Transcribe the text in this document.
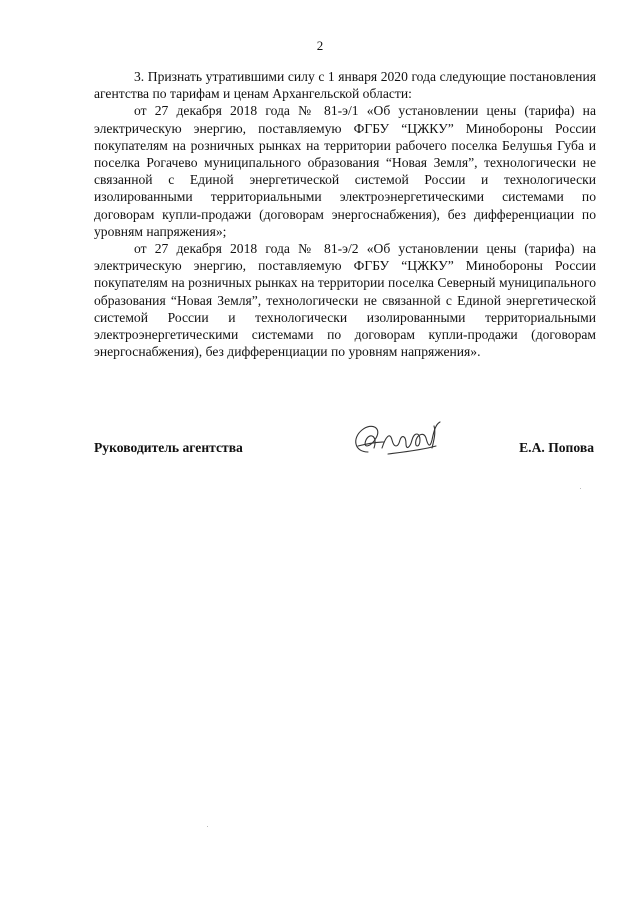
2

3. Признать утратившими силу с 1 января 2020 года следующие постановления агентства по тарифам и ценам Архангельской области:

от 27 декабря 2018 года № 81-э/1 «Об установлении цены (тарифа) на электрическую энергию, поставляемую ФГБУ “ЦЖКУ” Минобороны России покупателям на розничных рынках на территории рабочего поселка Белушья Губа и поселка Рогачево муниципального образования “Новая Земля”, технологически не связанной с Единой энергетической системой России и технологически изолированными территориальными электроэнергетическими системами по договорам купли-продажи (договорам энергоснабжения), без дифференциации по уровням напряжения»;

от 27 декабря 2018 года № 81-э/2 «Об установлении цены (тарифа) на электрическую энергию, поставляемую ФГБУ “ЦЖКУ” Минобороны России покупателям на розничных рынках на территории поселка Северный муниципального образования “Новая Земля”, технологически не связанной с Единой энергетической системой России и технологически изолированными территориальными электроэнергетическими системами по договорам купли-продажи (договорам энергоснабжения), без дифференциации по уровням напряжения».

Руководитель агентства	Е.А. Попова
